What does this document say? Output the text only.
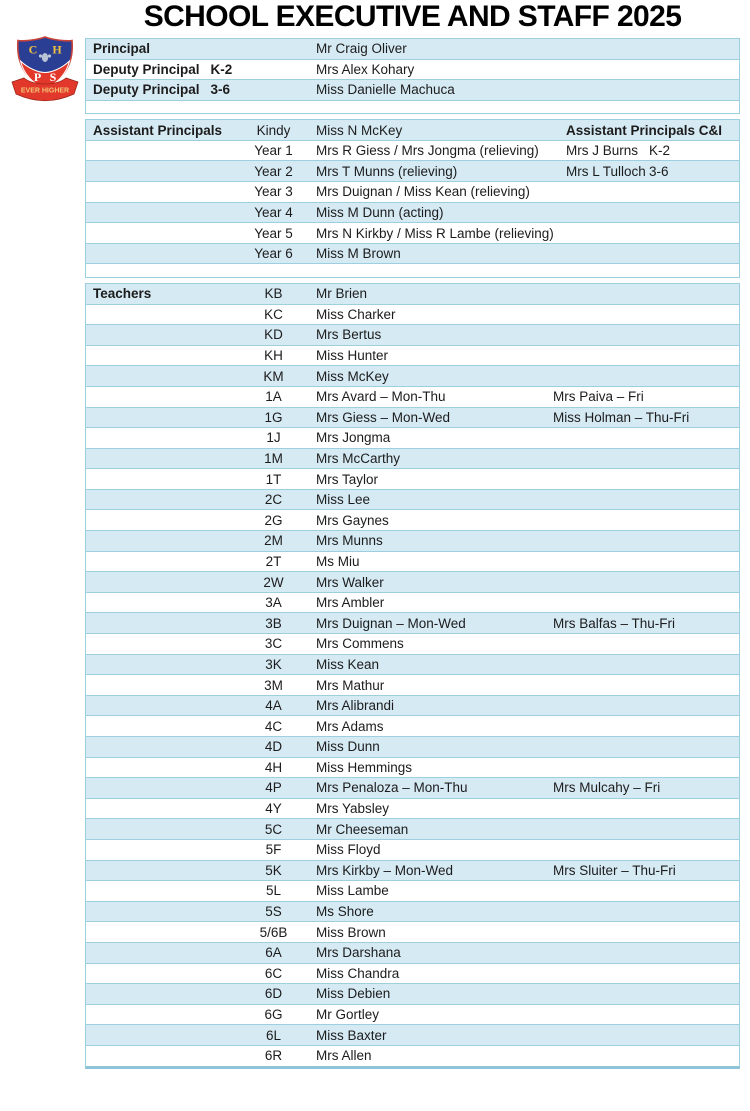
SCHOOL EXECUTIVE AND STAFF 2025
C H
P S
EVER HIGHER
Principal	Mr Craig Oliver
Deputy Principal K-2	Mrs Alex Kohary
Deputy Principal 3-6	Miss Danielle Machuca
Assistant Principals	Kindy	Miss N McKey	Assistant Principals C&I
Year 1	Mrs R Giess / Mrs Jongma (relieving)	Mrs J Burns K-2
Year 2	Mrs T Munns (relieving)	Mrs L Tulloch 3-6
Year 3	Mrs Duignan / Miss Kean (relieving)
Year 4	Miss M Dunn (acting)
Year 5	Mrs N Kirkby / Miss R Lambe (relieving)
Year 6	Miss M Brown
Teachers	KB	Mr Brien
KC	Miss Charker
KD	Mrs Bertus
KH	Miss Hunter
KM	Miss McKey
1A	Mrs Avard – Mon-Thu	Mrs Paiva – Fri
1G	Mrs Giess – Mon-Wed	Miss Holman – Thu-Fri
1J	Mrs Jongma
1M	Mrs McCarthy
1T	Mrs Taylor
2C	Miss Lee
2G	Mrs Gaynes
2M	Mrs Munns
2T	Ms Miu
2W	Mrs Walker
3A	Mrs Ambler
3B	Mrs Duignan – Mon-Wed	Mrs Balfas – Thu-Fri
3C	Mrs Commens
3K	Miss Kean
3M	Mrs Mathur
4A	Mrs Alibrandi
4C	Mrs Adams
4D	Miss Dunn
4H	Miss Hemmings
4P	Mrs Penaloza – Mon-Thu	Mrs Mulcahy – Fri
4Y	Mrs Yabsley
5C	Mr Cheeseman
5F	Miss Floyd
5K	Mrs Kirkby – Mon-Wed	Mrs Sluiter – Thu-Fri
5L	Miss Lambe
5S	Ms Shore
5/6B	Miss Brown
6A	Mrs Darshana
6C	Miss Chandra
6D	Miss Debien
6G	Mr Gortley
6L	Miss Baxter
6R	Mrs Allen
